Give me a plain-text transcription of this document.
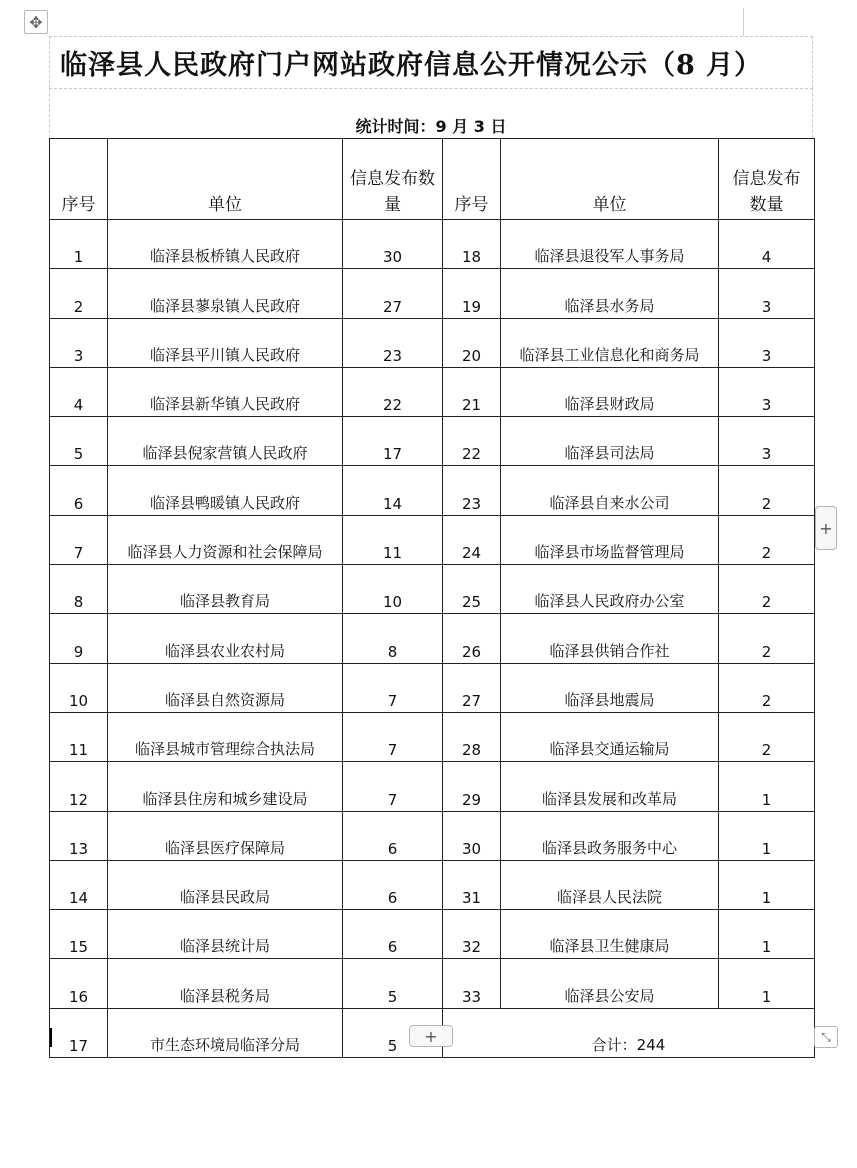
✥
临泽县人民政府门户网站政府信息公开情况公示（8 月）
统计时间：9 月 3 日
序号	单位	信息发布数量	序号	单位	信息发布数量
1	临泽县板桥镇人民政府	30	18	临泽县退役军人事务局	4
2	临泽县蓼泉镇人民政府	27	19	临泽县水务局	3
3	临泽县平川镇人民政府	23	20	临泽县工业信息化和商务局	3
4	临泽县新华镇人民政府	22	21	临泽县财政局	3
5	临泽县倪家营镇人民政府	17	22	临泽县司法局	3
6	临泽县鸭暖镇人民政府	14	23	临泽县自来水公司	2
7	临泽县人力资源和社会保障局	11	24	临泽县市场监督管理局	2
8	临泽县教育局	10	25	临泽县人民政府办公室	2
9	临泽县农业农村局	8	26	临泽县供销合作社	2
10	临泽县自然资源局	7	27	临泽县地震局	2
11	临泽县城市管理综合执法局	7	28	临泽县交通运输局	2
12	临泽县住房和城乡建设局	7	29	临泽县发展和改革局	1
13	临泽县医疗保障局	6	30	临泽县政务服务中心	1
14	临泽县民政局	6	31	临泽县人民法院	1
15	临泽县统计局	6	32	临泽县卫生健康局	1
16	临泽县税务局	5	33	临泽县公安局	1
17	市生态环境局临泽分局	5	合计：244		
+
+	⤡
